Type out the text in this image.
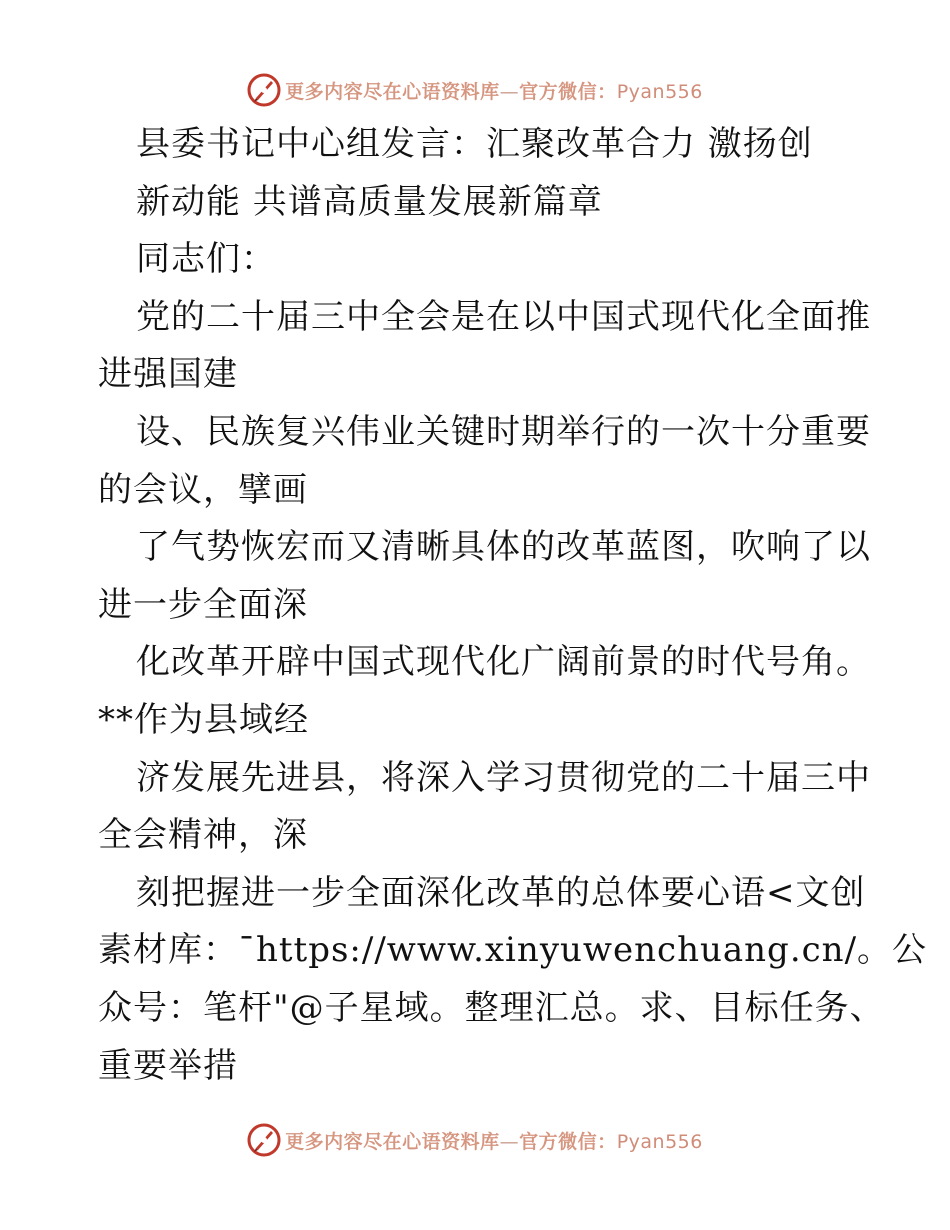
更多内容尽在心语资料库—官方微信：Pyan556
县委书记中心组发言：汇聚改革合力 激扬创
新动能 共谱高质量发展新篇章
同志们：
党的二十届三中全会是在以中国式现代化全面推
进强国建
设、民族复兴伟业关键时期举行的一次十分重要
的会议，擘画
了气势恢宏而又清晰具体的改革蓝图，吹响了以
进一步全面深
化改革开辟中国式现代化广阔前景的时代号角。
**作为县域经
济发展先进县，将深入学习贯彻党的二十届三中
全会精神，深
刻把握进一步全面深化改革的总体要心语<文创
素材库：¯https://www.xinyuwenchuang.cn/。公
众号：笔杆"@子星域。整理汇总。求、目标任务、
重要举措
更多内容尽在心语资料库—官方微信：Pyan556
